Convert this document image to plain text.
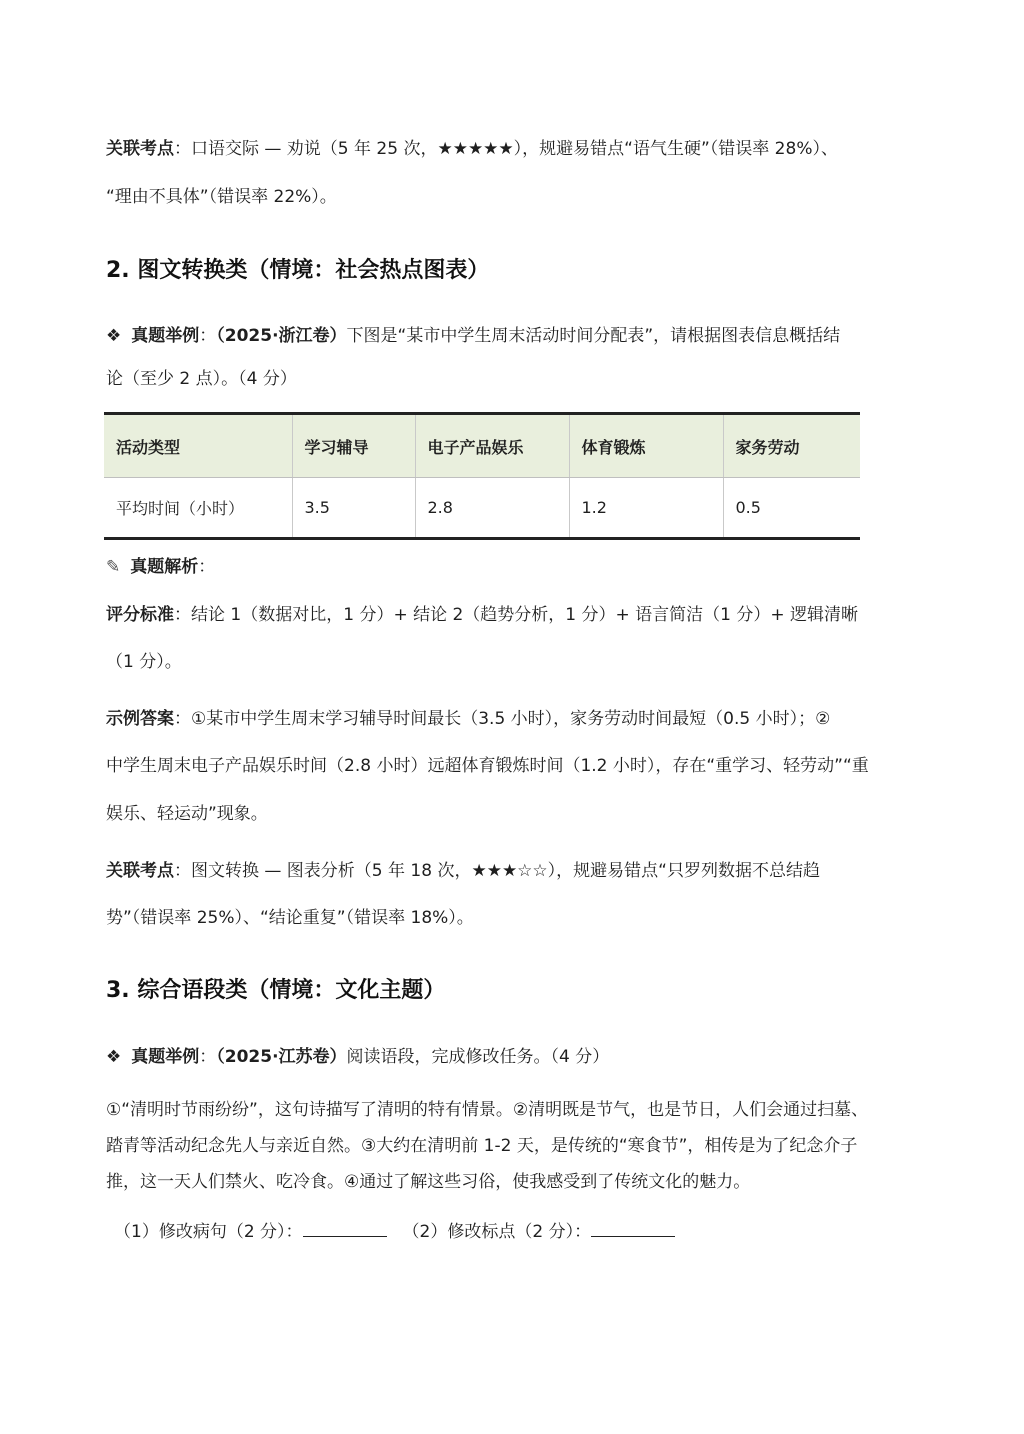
关联考点：口语交际 — 劝说（5 年 25 次，★★★★★），规避易错点“语气生硬”（错误率 28%）、
“理由不具体”（错误率 22%）。
2. 图文转换类（情境：社会热点图表）
❖ 真题举例：（2025·浙江卷）下图是“某市中学生周末活动时间分配表”，请根据图表信息概括结
论（至少 2 点）。（4 分）
活动类型	学习辅导	电子产品娱乐	体育锻炼	家务劳动
平均时间（小时）	3.5	2.8	1.2	0.5
✎ 真题解析：
评分标准：结论 1（数据对比，1 分）+ 结论 2（趋势分析，1 分）+ 语言简洁（1 分）+ 逻辑清晰
（1 分）。
示例答案：①某市中学生周末学习辅导时间最长（3.5 小时），家务劳动时间最短（0.5 小时）；②
中学生周末电子产品娱乐时间（2.8 小时）远超体育锻炼时间（1.2 小时），存在“重学习、轻劳动”“重
娱乐、轻运动”现象。
关联考点：图文转换 — 图表分析（5 年 18 次，★★★☆☆），规避易错点“只罗列数据不总结趋
势”（错误率 25%）、“结论重复”（错误率 18%）。
3. 综合语段类（情境：文化主题）
❖ 真题举例：（2025·江苏卷）阅读语段，完成修改任务。（4 分）
①“清明时节雨纷纷”，这句诗描写了清明的特有情景。②清明既是节气，也是节日，人们会通过扫墓、
踏青等活动纪念先人与亲近自然。③大约在清明前 1-2 天，是传统的“寒食节”，相传是为了纪念介子
推，这一天人们禁火、吃冷食。④通过了解这些习俗，使我感受到了传统文化的魅力。
（1）修改病句（2 分）：	（2）修改标点（2 分）：
